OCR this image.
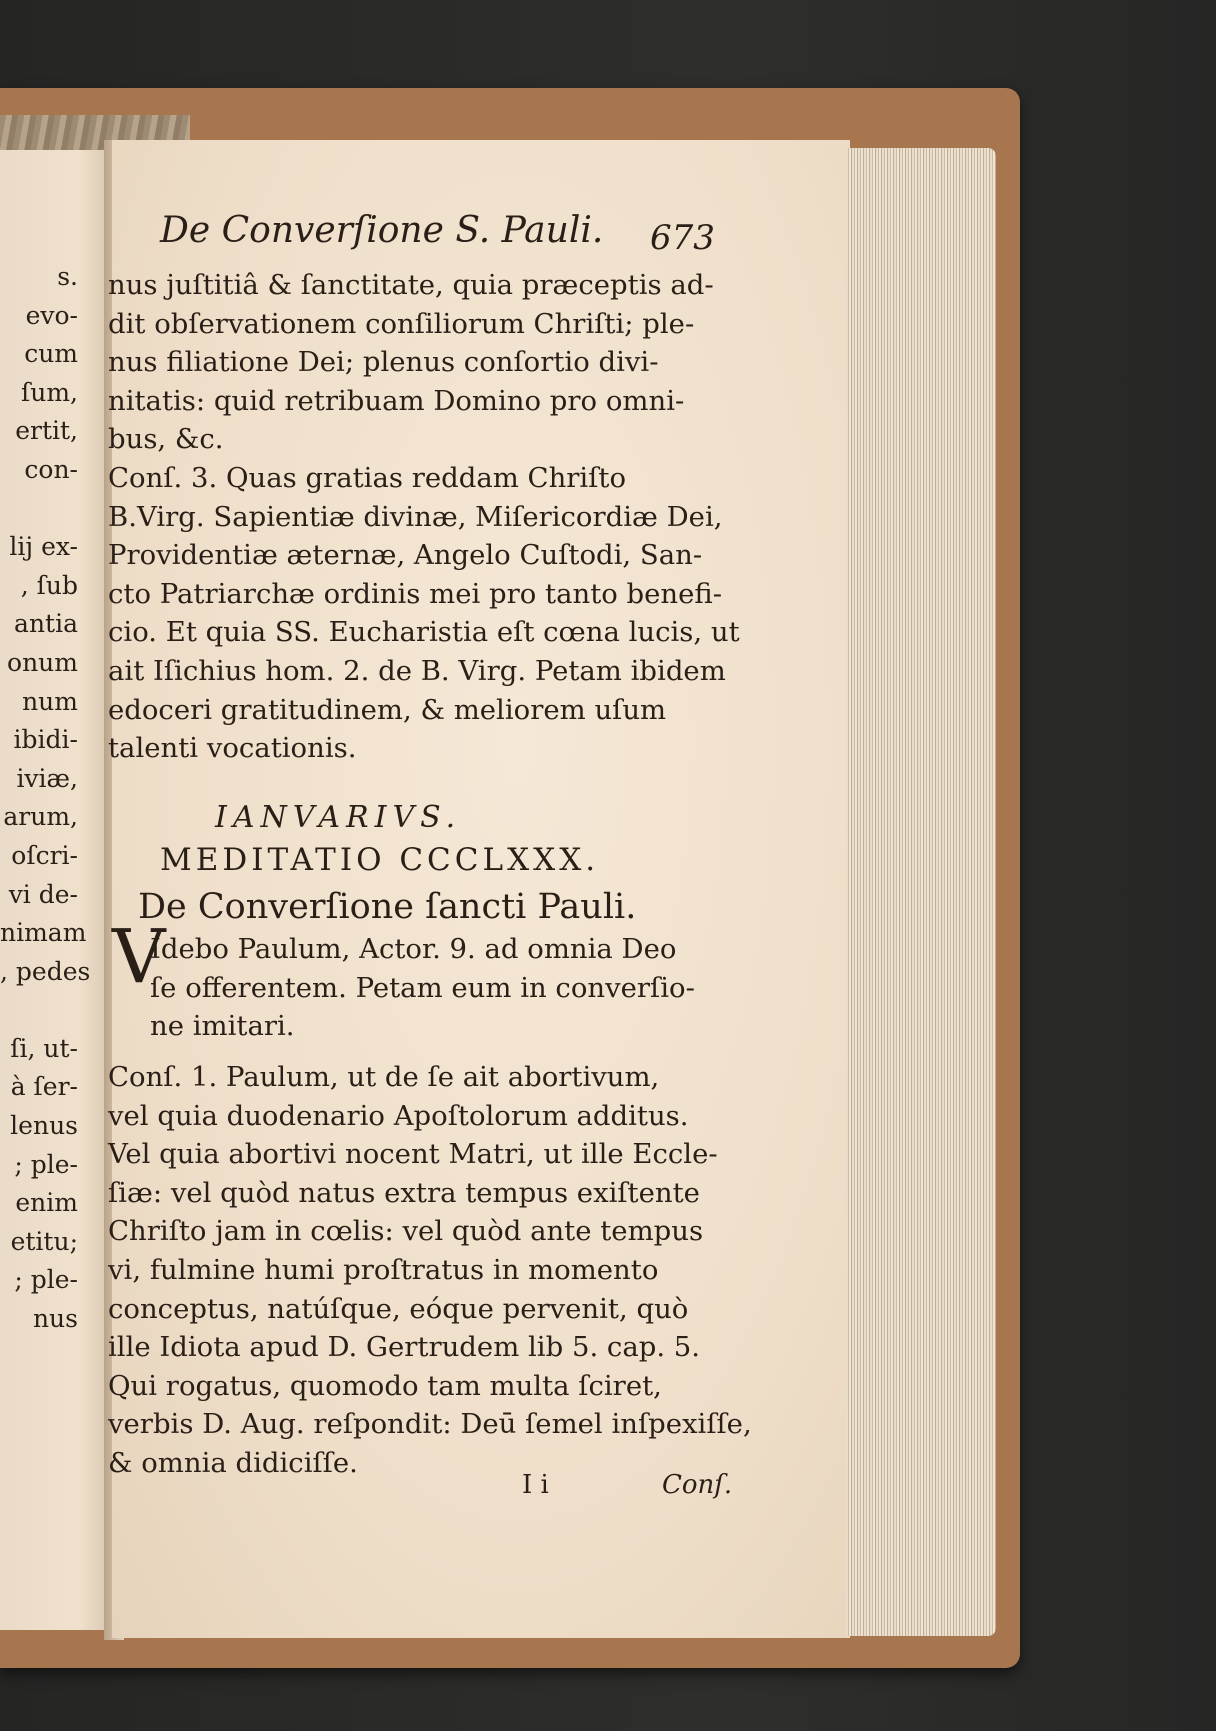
s.
evo-
cum
ſum,
ertit,
con-

lij ex-
, ſub
antia
onum
num
ibidi-
iviæ,
arum,
oſcri-
vi de-
nimam
, pedes

ſi, ut-
à ſer-
lenus
; ple-
enim
etitu;
; ple-
nus
De Converſione S. Pauli. 673
nus juſtitiâ & ſanctitate, quia præceptis ad-
dit obſervationem conſiliorum Chriſti; ple-
nus filiatione Dei; plenus conſortio divi-
nitatis: quid retribuam Domino pro omni-
bus, &c.
Conſ. 3. Quas gratias reddam Chriſto
B.Virg. Sapientiæ divinæ, Miſericordiæ Dei,
Providentiæ æternæ, Angelo Cuſtodi, San-
cto Patriarchæ ordinis mei pro tanto benefi-
cio. Et quia SS. Eucharistia eſt cœna lucis, ut
ait Iſichius hom. 2. de B. Virg. Petam ibidem
edoceri gratitudinem, & meliorem uſum
talenti vocationis.
IANVARIVS.
MEDITATIO CCCLXXX.
De Converſione ſancti Pauli.
V
Idebo Paulum, Actor. 9. ad omnia Deo
ſe offerentem. Petam eum in converſio-
ne imitari.
Conſ. 1. Paulum, ut de ſe ait abortivum,
vel quia duodenario Apoſtolorum additus.
Vel quia abortivi nocent Matri, ut ille Eccle-
ſiæ: vel quòd natus extra tempus exiſtente
Chriſto jam in cœlis: vel quòd ante tempus
vi, fulmine humi proſtratus in momento
conceptus, natúſque, eóque pervenit, quò
ille Idiota apud D. Gertrudem lib 5. cap. 5.
Qui rogatus, quomodo tam multa ſciret,
verbis D. Aug. reſpondit: Deū ſemel inſpexiſſe,
& omnia didiciſſe.
I i	Conſ.
